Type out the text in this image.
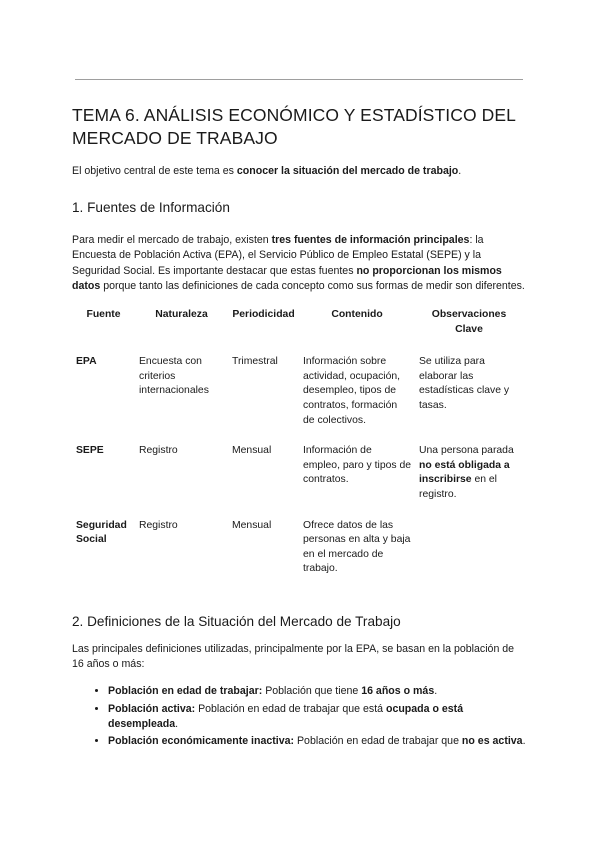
TEMA 6. ANÁLISIS ECONÓMICO Y ESTADÍSTICO DEL MERCADO DE TRABAJO

El objetivo central de este tema es conocer la situación del mercado de trabajo.

1. Fuentes de Información

Para medir el mercado de trabajo, existen tres fuentes de información principales: la Encuesta de Población Activa (EPA), el Servicio Público de Empleo Estatal (SEPE) y la Seguridad Social. Es importante destacar que estas fuentes no proporcionan los mismos datos porque tanto las definiciones de cada concepto como sus formas de medir son diferentes.

Fuente	Naturaleza	Periodicidad	Contenido	Observaciones Clave
EPA	Encuesta con criterios internacionales	Trimestral	Información sobre actividad, ocupación, desempleo, tipos de contratos, formación de colectivos.	Se utiliza para elaborar las estadísticas clave y tasas.
SEPE	Registro	Mensual	Información de empleo, paro y tipos de contratos.	Una persona parada no está obligada a inscribirse en el registro.
Seguridad Social	Registro	Mensual	Ofrece datos de las personas en alta y baja en el mercado de trabajo.	
2. Definiciones de la Situación del Mercado de Trabajo

Las principales definiciones utilizadas, principalmente por la EPA, se basan en la población de 16 años o más:

• Población en edad de trabajar: Población que tiene 16 años o más.
• Población activa: Población en edad de trabajar que está ocupada o está desempleada.
• Población económicamente inactiva: Población en edad de trabajar que no es activa.
